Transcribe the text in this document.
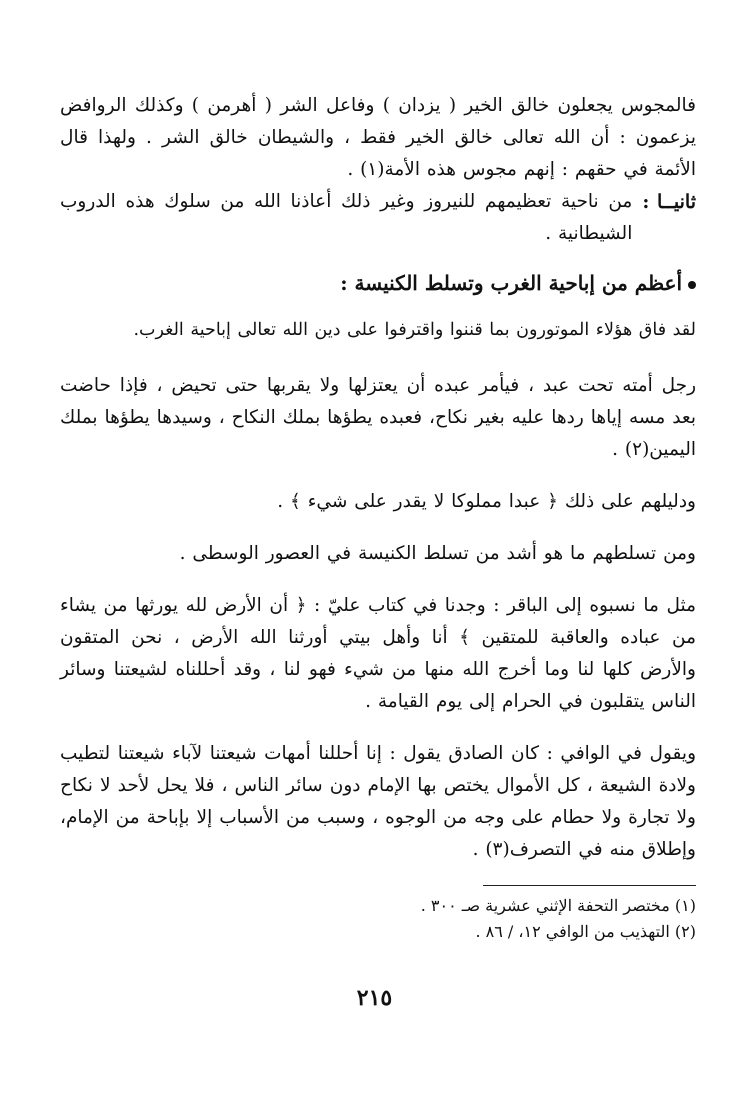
فالمجوس يجعلون خالق الخير ( يزدان ) وفاعل الشر ( أهرمن ) وكذلك الروافض يزعمون : أن الله تعالى خالق الخير فقط ، والشيطان خالق الشر . ولهذا قال الأئمة في حقهم : إنهم مجوس هذه الأمة(١) .

ثانيــا :
من ناحية تعظيمهم للنيروز وغير ذلك أعاذنا الله من سلوك هذه الدروب الشيطانية .
أعظم من إباحية الغرب وتسلط الكنيسة :

لقد فاق هؤلاء الموتورون بما قننوا واقترفوا على دين الله تعالى إباحية الغرب.

رجل أمته تحت عبد ، فيأمر عبده أن يعتزلها ولا يقربها حتى تحيض ، فإذا حاضت بعد مسه إياها ردها عليه بغير نكاح، فعبده يطؤها بملك النكاح ، وسيدها يطؤها بملك اليمين(٢) .

ودليلهم على ذلك ﴿ عبدا مملوكا لا يقدر على شيء ﴾ .

ومن تسلطهم ما هو أشد من تسلط الكنيسة في العصور الوسطى .

مثل ما نسبوه إلى الباقر : وجدنا في كتاب عليّ : ﴿ أن الأرض لله يورثها من يشاء من عباده والعاقبة للمتقين ﴾ أنا وأهل بيتي أورثنا الله الأرض ، نحن المتقون والأرض كلها لنا وما أخرج الله منها من شيء فهو لنا ، وقد أحللناه لشيعتنا وسائر الناس يتقلبون في الحرام إلى يوم القيامة .

ويقول في الوافي : كان الصادق يقول : إنا أحللنا أمهات شيعتنا لآباء شيعتنا لتطيب ولادة الشيعة ، كل الأموال يختص بها الإمام دون سائر الناس ، فلا يحل لأحد لا نكاح ولا تجارة ولا حطام على وجه من الوجوه ، وسبب من الأسباب إلا بإباحة من الإمام، وإطلاق منه في التصرف(٣) .

(١) مختصر التحفة الإثني عشرية صـ ٣٠٠ .
(٢) التهذيب من الوافي ١٢، / ٨٦ .
٢١٥
